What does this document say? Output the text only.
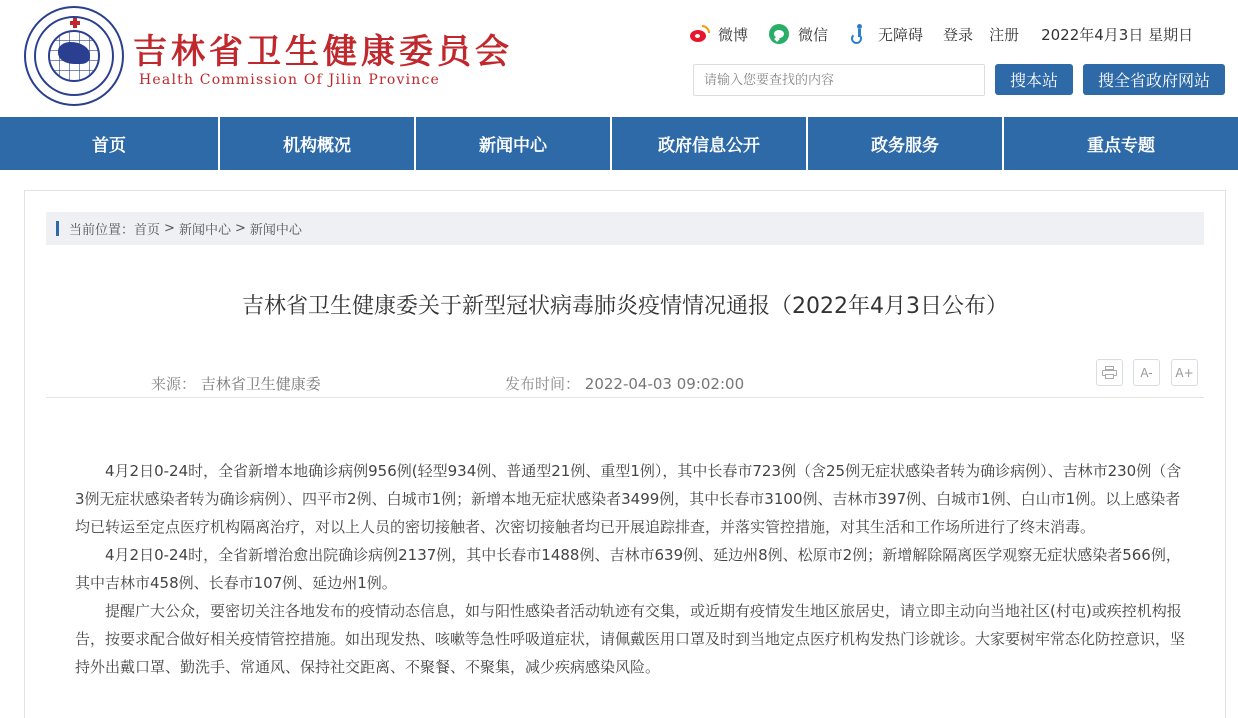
吉林省卫生健康委员会
Health Commission Of Jilin Province
微博	微信	无障碍 登录 注册 2022年4月3日 星期日
请输入您要查找的内容
搜本站	搜全省政府网站
首页	机构概况	新闻中心	政府信息公开	政务服务	重点专题
当前位置： 首页 > 新闻中心 > 新闻中心
吉林省卫生健康委关于新型冠状病毒肺炎疫情情况通报（2022年4月3日公布）
来源： 吉林省卫生健康委	发布时间： 2022-04-03 09:02:00
A-	A+

4月2日0-24时，全省新增本地确诊病例956例(轻型934例、普通型21例、重型1例），其中长春市723例（含25例无症状感染者转为确诊病例）、吉林市230例（含3例无症状感染者转为确诊病例）、四平市2例、白城市1例；新增本地无症状感染者3499例，其中长春市3100例、吉林市397例、白城市1例、白山市1例。以上感染者均已转运至定点医疗机构隔离治疗，对以上人员的密切接触者、次密切接触者均已开展追踪排查，并落实管控措施，对其生活和工作场所进行了终末消毒。

4月2日0-24时，全省新增治愈出院确诊病例2137例，其中长春市1488例、吉林市639例、延边州8例、松原市2例；新增解除隔离医学观察无症状感染者566例，其中吉林市458例、长春市107例、延边州1例。

提醒广大公众，要密切关注各地发布的疫情动态信息，如与阳性感染者活动轨迹有交集，或近期有疫情发生地区旅居史，请立即主动向当地社区(村屯)或疾控机构报告，按要求配合做好相关疫情管控措施。如出现发热、咳嗽等急性呼吸道症状，请佩戴医用口罩及时到当地定点医疗机构发热门诊就诊。大家要树牢常态化防控意识，坚持外出戴口罩、勤洗手、常通风、保持社交距离、不聚餐、不聚集，减少疾病感染风险。
